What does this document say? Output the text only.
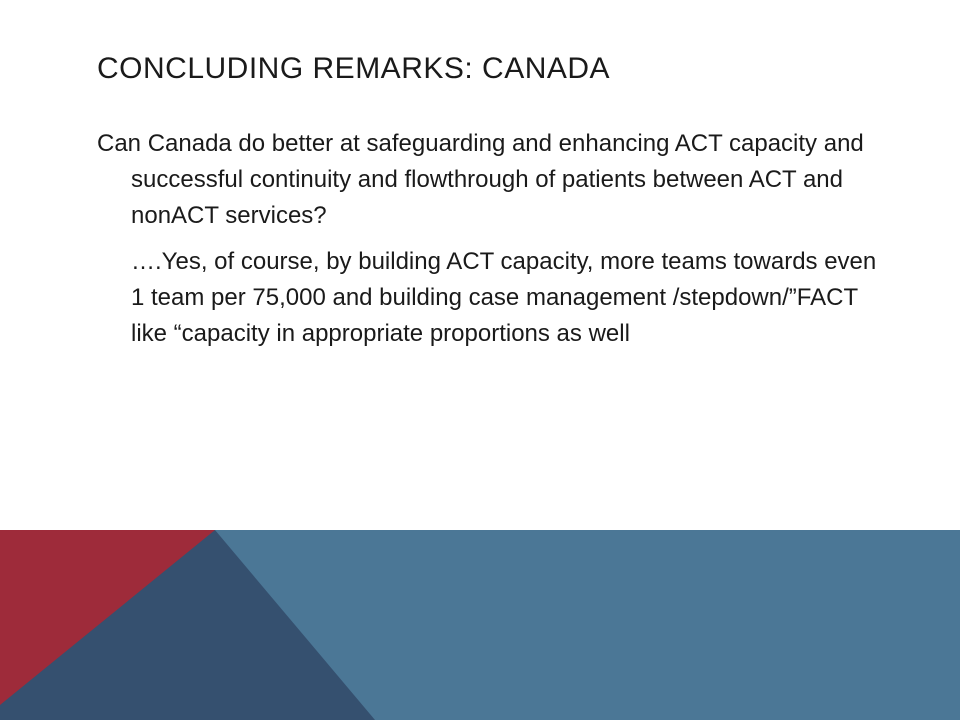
CONCLUDING REMARKS: CANADA

Can Canada do better at safeguarding and enhancing ACT capacity and successful continuity and flowthrough of patients between ACT and nonACT services?

….Yes, of course, by building ACT capacity, more teams towards even 1 team per 75,000 and building case management /stepdown/”FACT like “capacity in appropriate proportions as well
